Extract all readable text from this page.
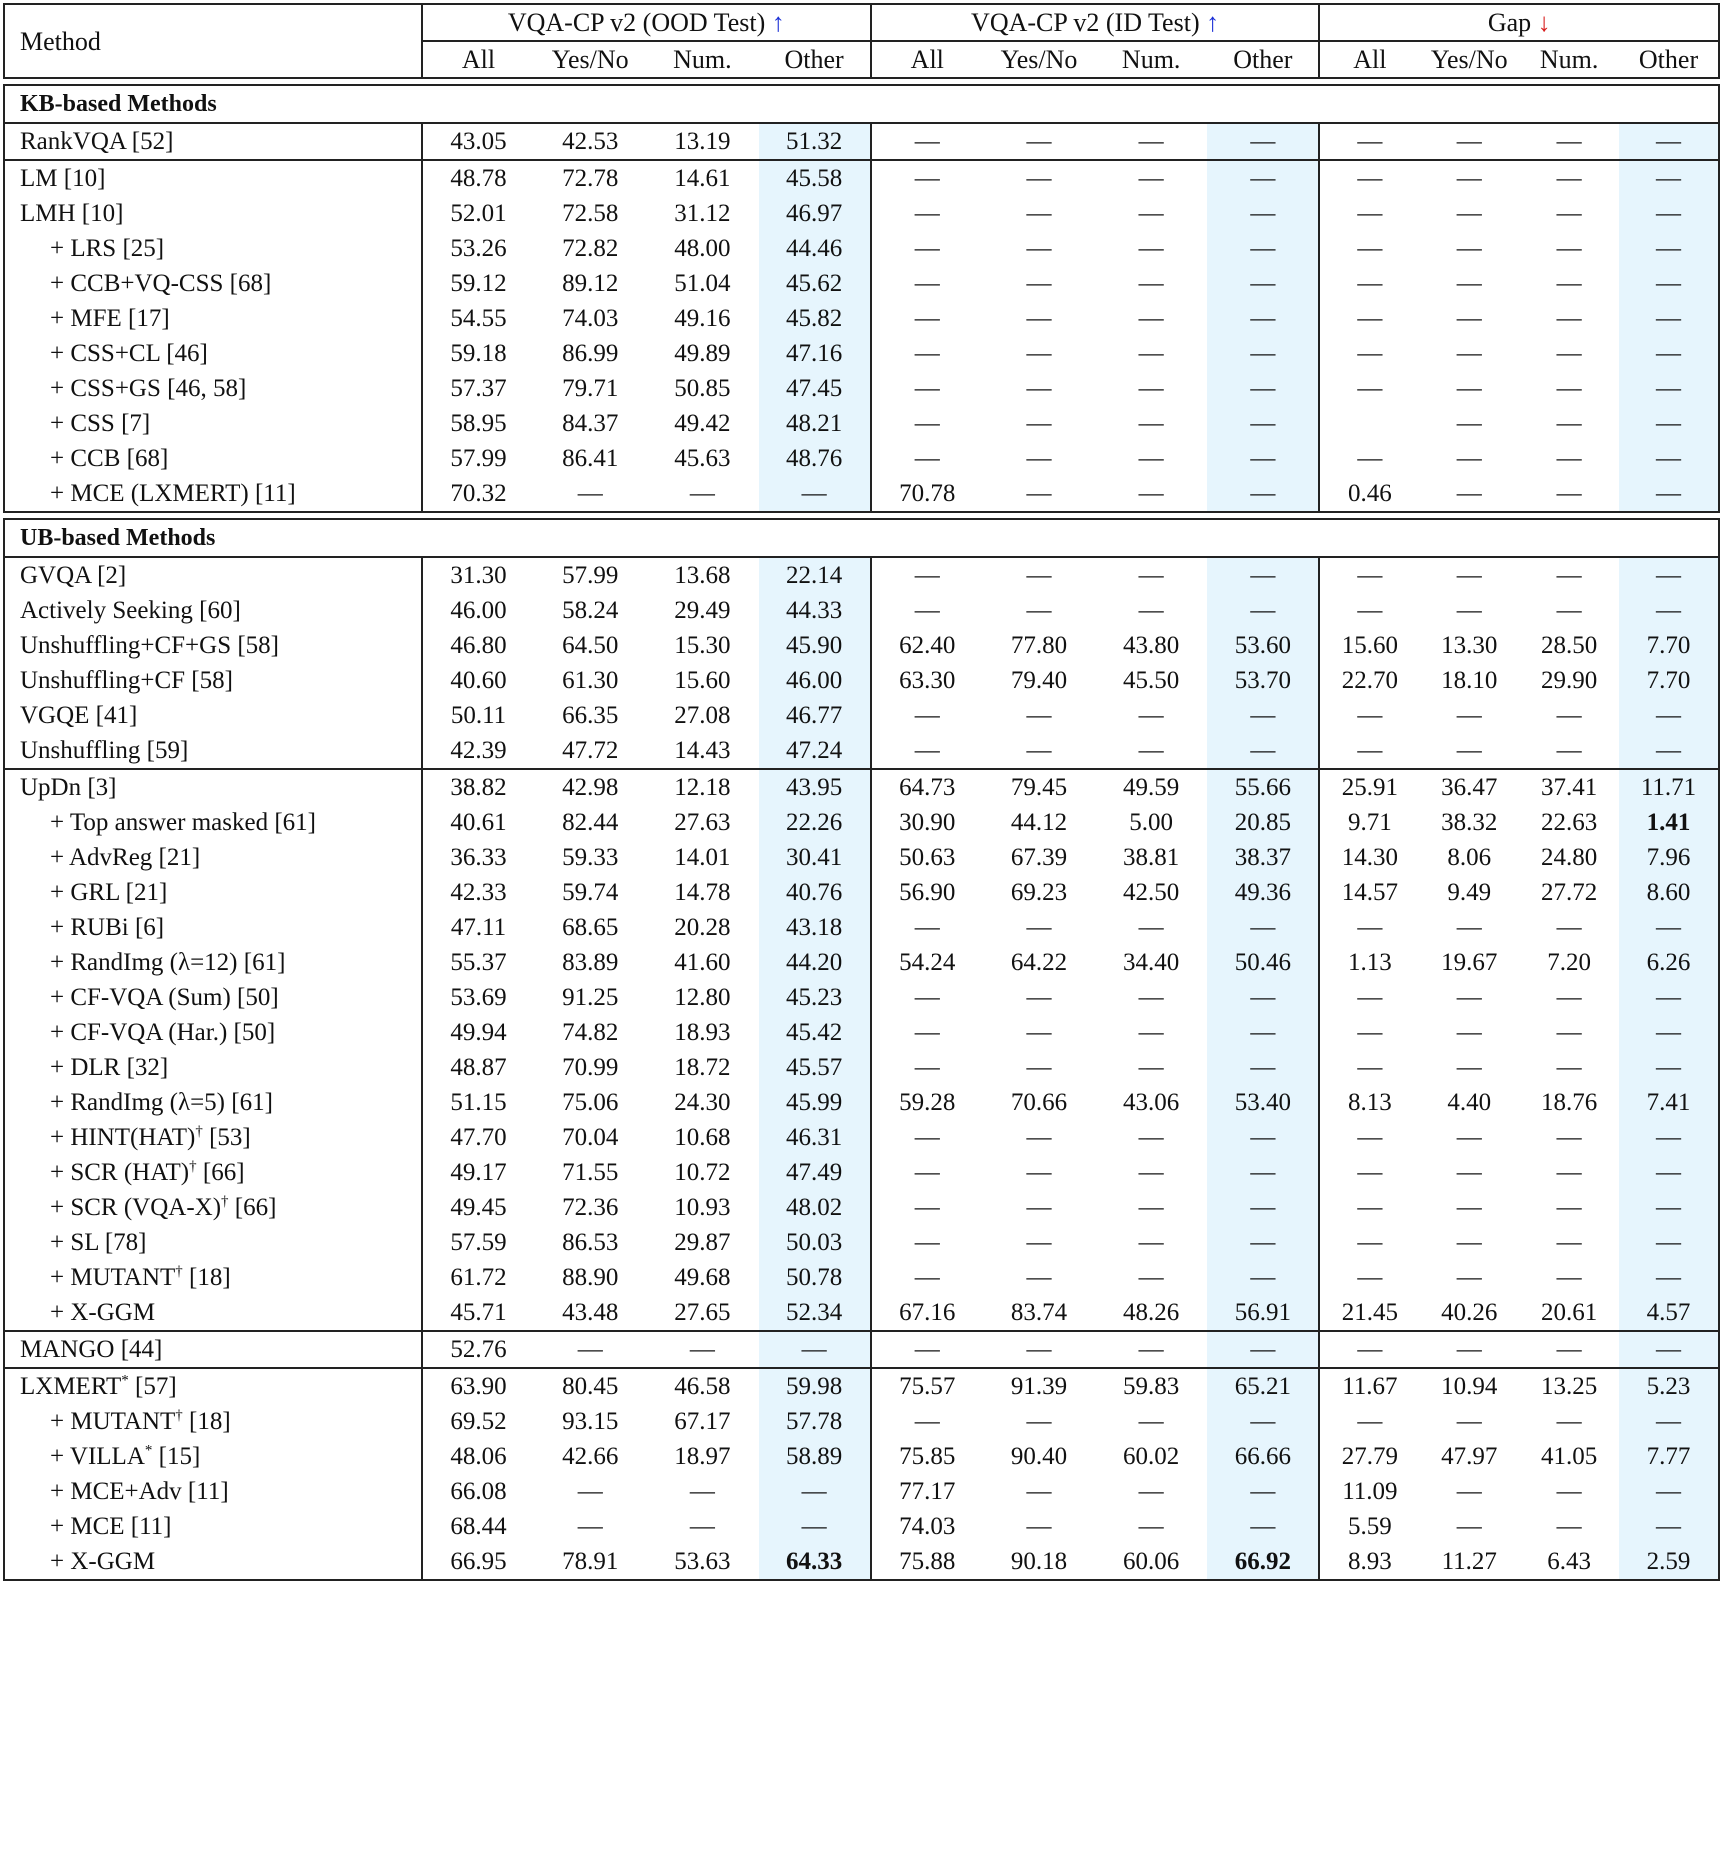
Method	VQA-CP v2 (OOD Test) ↑				VQA-CP v2 (ID Test) ↑				Gap ↓			
	All	Yes/No	Num.	Other	All	Yes/No	Num.	Other	All	Yes/No	Num.	Other

KB-based Methods												
RankVQA [52]	43.05	42.53	13.19	51.32	—	—	—	—	—	—	—	—
LM [10]	48.78	72.78	14.61	45.58	—	—	—	—	—	—	—	—
LMH [10]	52.01	72.58	31.12	46.97	—	—	—	—	—	—	—	—
+ LRS [25]	53.26	72.82	48.00	44.46	—	—	—	—	—	—	—	—
+ CCB+VQ-CSS [68]	59.12	89.12	51.04	45.62	—	—	—	—	—	—	—	—
+ MFE [17]	54.55	74.03	49.16	45.82	—	—	—	—	—	—	—	—
+ CSS+CL [46]	59.18	86.99	49.89	47.16	—	—	—	—	—	—	—	—
+ CSS+GS [46, 58]	57.37	79.71	50.85	47.45	—	—	—	—	—	—	—	—
+ CSS [7]	58.95	84.37	49.42	48.21	—	—	—	—		—	—	—
+ CCB [68]	57.99	86.41	45.63	48.76	—	—	—	—	—	—	—	—
+ MCE (LXMERT) [11]	70.32	—	—	—	70.78	—	—	—	0.46	—	—	—

UB-based Methods												
GVQA [2]	31.30	57.99	13.68	22.14	—	—	—	—	—	—	—	—
Actively Seeking [60]	46.00	58.24	29.49	44.33	—	—	—	—	—	—	—	—
Unshuffling+CF+GS [58]	46.80	64.50	15.30	45.90	62.40	77.80	43.80	53.60	15.60	13.30	28.50	7.70
Unshuffling+CF [58]	40.60	61.30	15.60	46.00	63.30	79.40	45.50	53.70	22.70	18.10	29.90	7.70
VGQE [41]	50.11	66.35	27.08	46.77	—	—	—	—	—	—	—	—
Unshuffling [59]	42.39	47.72	14.43	47.24	—	—	—	—	—	—	—	—
UpDn [3]	38.82	42.98	12.18	43.95	64.73	79.45	49.59	55.66	25.91	36.47	37.41	11.71
+ Top answer masked [61]	40.61	82.44	27.63	22.26	30.90	44.12	5.00	20.85	9.71	38.32	22.63	1.41
+ AdvReg [21]	36.33	59.33	14.01	30.41	50.63	67.39	38.81	38.37	14.30	8.06	24.80	7.96
+ GRL [21]	42.33	59.74	14.78	40.76	56.90	69.23	42.50	49.36	14.57	9.49	27.72	8.60
+ RUBi [6]	47.11	68.65	20.28	43.18	—	—	—	—	—	—	—	—
+ RandImg (λ=12) [61]	55.37	83.89	41.60	44.20	54.24	64.22	34.40	50.46	1.13	19.67	7.20	6.26
+ CF-VQA (Sum) [50]	53.69	91.25	12.80	45.23	—	—	—	—	—	—	—	—
+ CF-VQA (Har.) [50]	49.94	74.82	18.93	45.42	—	—	—	—	—	—	—	—
+ DLR [32]	48.87	70.99	18.72	45.57	—	—	—	—	—	—	—	—
+ RandImg (λ=5) [61]	51.15	75.06	24.30	45.99	59.28	70.66	43.06	53.40	8.13	4.40	18.76	7.41
+ HINT(HAT)† [53]	47.70	70.04	10.68	46.31	—	—	—	—	—	—	—	—
+ SCR (HAT)† [66]	49.17	71.55	10.72	47.49	—	—	—	—	—	—	—	—
+ SCR (VQA-X)† [66]	49.45	72.36	10.93	48.02	—	—	—	—	—	—	—	—
+ SL [78]	57.59	86.53	29.87	50.03	—	—	—	—	—	—	—	—
+ MUTANT† [18]	61.72	88.90	49.68	50.78	—	—	—	—	—	—	—	—
+ X-GGM	45.71	43.48	27.65	52.34	67.16	83.74	48.26	56.91	21.45	40.26	20.61	4.57
MANGO [44]	52.76	—	—	—	—	—	—	—	—	—	—	—
LXMERT* [57]	63.90	80.45	46.58	59.98	75.57	91.39	59.83	65.21	11.67	10.94	13.25	5.23
+ MUTANT† [18]	69.52	93.15	67.17	57.78	—	—	—	—	—	—	—	—
+ VILLA* [15]	48.06	42.66	18.97	58.89	75.85	90.40	60.02	66.66	27.79	47.97	41.05	7.77
+ MCE+Adv [11]	66.08	—	—	—	77.17	—	—	—	11.09	—	—	—
+ MCE [11]	68.44	—	—	—	74.03	—	—	—	5.59	—	—	—
+ X-GGM	66.95	78.91	53.63	64.33	75.88	90.18	60.06	66.92	8.93	11.27	6.43	2.59
